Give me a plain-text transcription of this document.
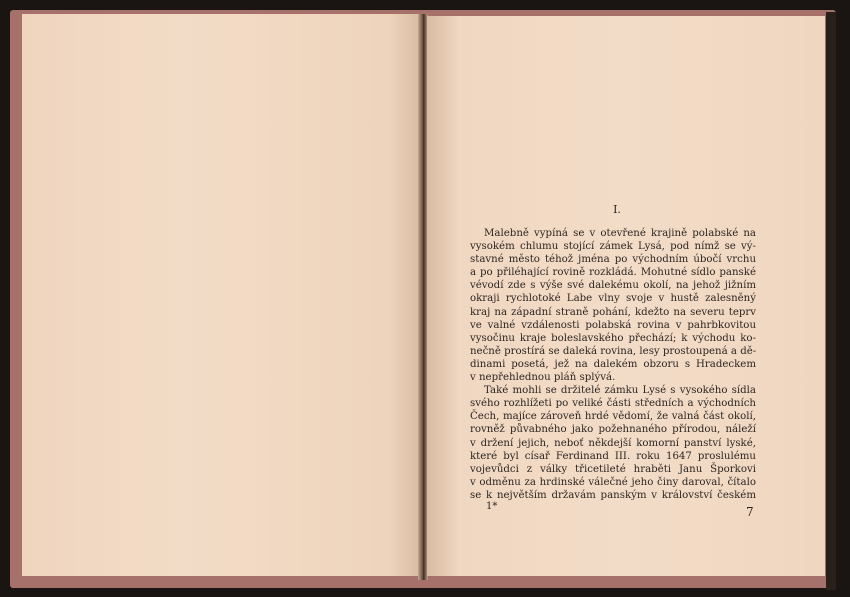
I.
Malebně vypíná se v otevřené krajině polabské na
vysokém chlumu stojící zámek Lysá, pod nímž se vý-
stavné město téhož jména po východním úbočí vrchu
a po přiléhající rovině rozkládá. Mohutné sídlo panské
vévodí zde s výše své dalekému okolí, na jehož jižním
okraji rychlotoké Labe vlny svoje v hustě zalesněný
kraj na západní straně pohání, kdežto na severu teprv
ve valné vzdálenosti polabská rovina v pahrbkovitou
vysočinu kraje boleslavského přechází; k východu ko-
nečně prostírá se daleká rovina, lesy prostoupená a dě-
dinami posetá, jež na dalekém obzoru s Hradeckem
v nepřehlednou pláň splývá.
Také mohli se držitelé zámku Lysé s vysokého sídla
svého rozhlížeti po veliké části středních a východních
Čech, majíce zároveň hrdé vědomí, že valná část okolí,
rovněž půvabného jako požehnaného přírodou, náleží
v držení jejich, neboť někdejší komorní panství lyské,
které byl císař Ferdinand III. roku 1647 proslulému
vojevůdci z války třicetileté hraběti Janu Šporkovi
v odměnu za hrdinské válečné jeho činy daroval, čítalo
se k největším državám panským v království českém
1*	7
